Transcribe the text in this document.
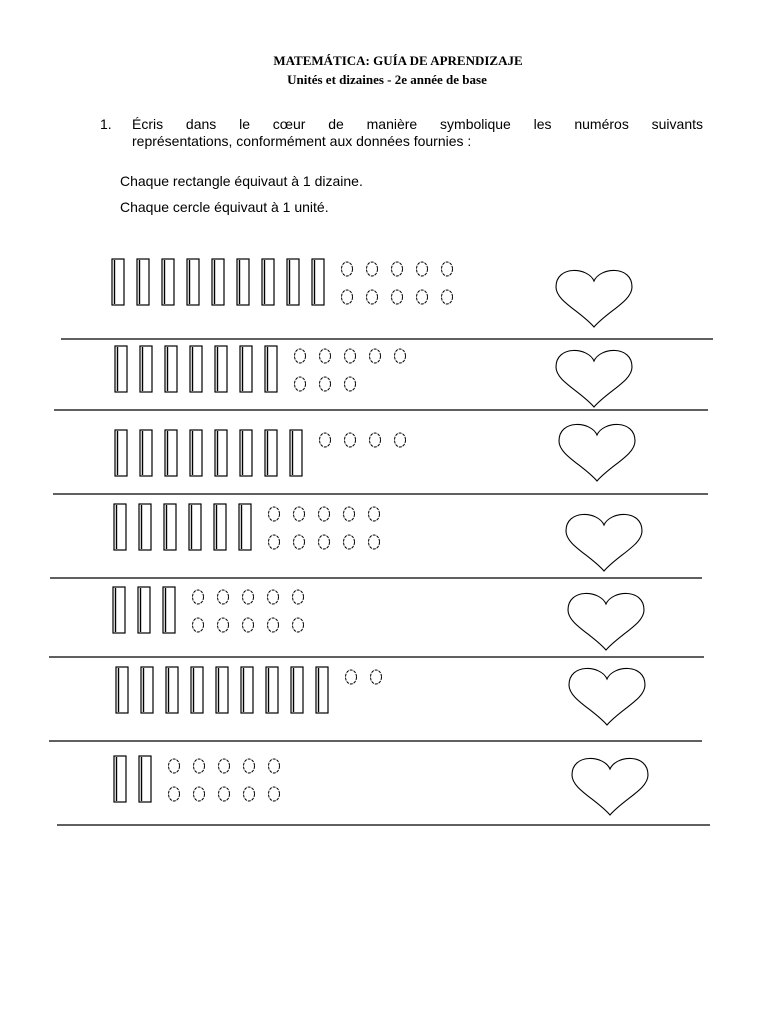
MATEMÁTICA: GUÍA DE APRENDIZAJE
Unités et dizaines - 2e année de base
1. Écris dans le cœur de manière symbolique les numéros suivants
représentations, conformément aux données fournies :
Chaque rectangle équivaut à 1 dizaine.
Chaque cercle équivaut à 1 unité.
